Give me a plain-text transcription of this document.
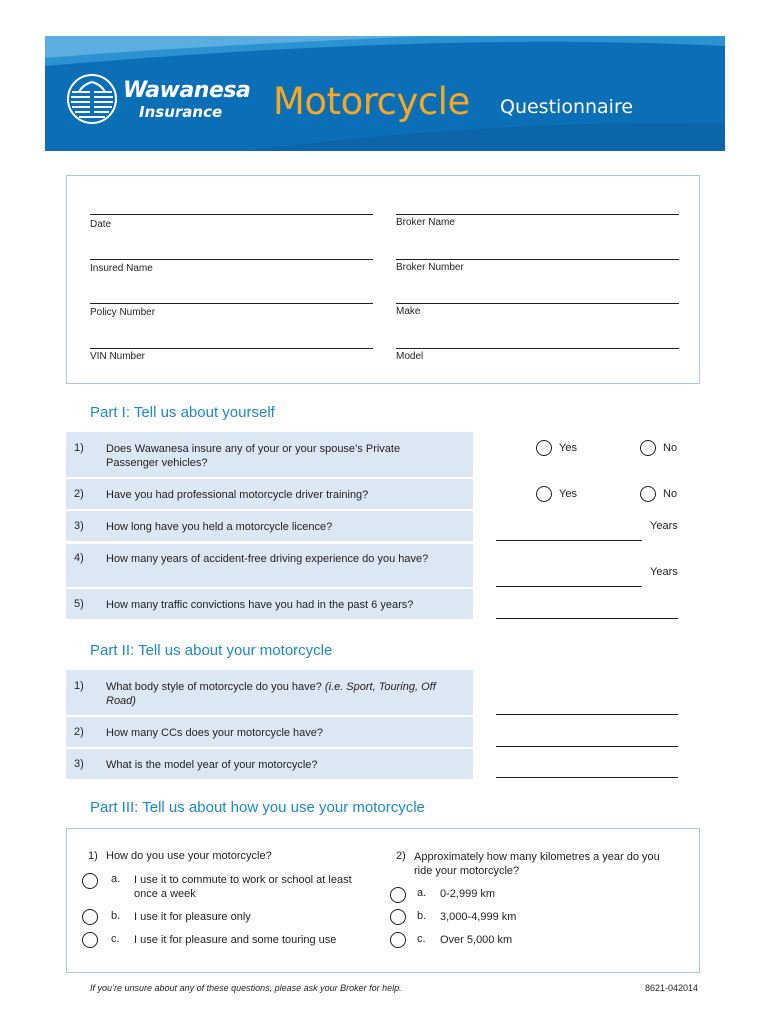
Wawanesa
Insurance Motorcycle Questionnaire
Date	Broker Name
Insured Name	Broker Number
Policy Number	Make
VIN Number	Model
Part I: Tell us about yourself
1) Does Wawanesa insure any of your or your spouse’s Private Passenger vehicles?
Yes	No
2) Have you had professional motorcycle driver training?	Yes	No
3) How long have you held a motorcycle licence?	Years
4) How many years of accident-free driving experience do you have?
Years
5) How many traffic convictions have you had in the past 6 years?
Part II: Tell us about your motorcycle
1) What body style of motorcycle do you have? (i.e. Sport, Touring, Off Road)
2) How many CCs does your motorcycle have?
3) What is the model year of your motorcycle?
Part III: Tell us about how you use your motorcycle
1) How do you use your motorcycle?
a. I use it to commute to work or school at least once a week
b. I use it for pleasure only
c. I use it for pleasure and some touring use
2) Approximately how many kilometres a year do you ride your motorcycle?
a. 0-2,999 km
b. 3,000-4,999 km
c. Over 5,000 km
If you’re unsure about any of these questions, please ask your Broker for help.	8621-042014
